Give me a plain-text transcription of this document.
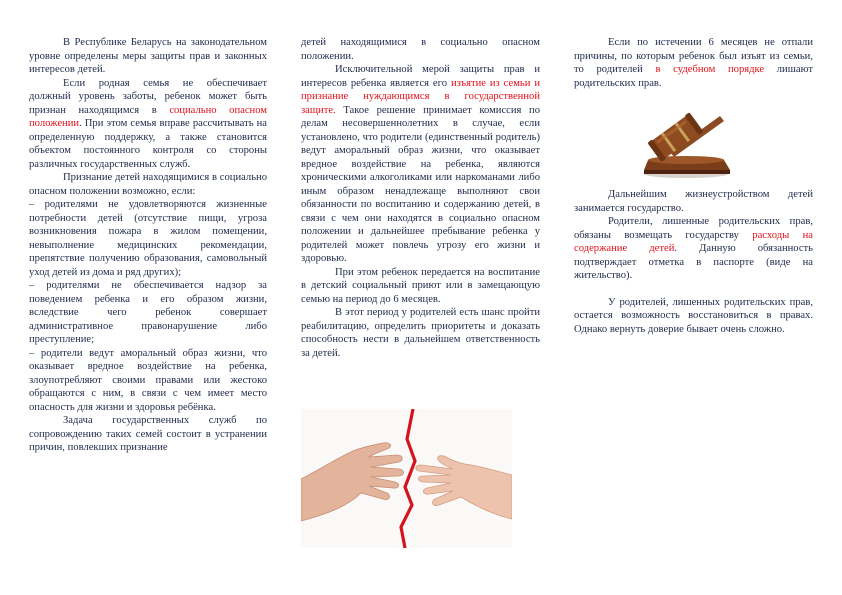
В Республике Беларусь на законодательном уровне определены меры защиты прав и законных интересов детей.

Если родная семья не обеспечивает должный уровень заботы, ребенок может быть признан находящимся в социально опасном положении. При этом семья вправе рассчитывать на определенную поддержку, а также становится объектом постоянного контроля со стороны различных государственных служб.

Признание детей находящимися в социально опасном положении возможно, если:

– родителями не удовлетворяются жизненные потребности детей (отсутствие пищи, угроза возникновения пожара в жилом помещении, невыполнение медицинских рекомендации, препятствие получению образования, самовольный уход детей из дома и ряд других);

– родителями не обеспечивается надзор за поведением ребенка и его образом жизни, вследствие чего ребенок совершает административное правонарушение либо преступление;

– родители ведут аморальный образ жизни, что оказывает вредное воздействие на ребенка, злоупотребляют своими правами или жестоко обращаются с ним, в связи с чем имеет место опасность для жизни и здоровья ребёнка.

Задача государственных служб по сопровождению таких семей состоит в устранении причин, повлекших признание

детей находящимися в социально опасном положении.

Исключительной мерой защиты прав и интересов ребенка является его изъятие из семьи и признание нуждающимся в государственной защите. Такое решение принимает комиссия по делам несовершеннолетних в случае, если установлено, что родители (единственный родитель) ведут аморальный образ жизни, что оказывает вредное воздействие на ребенка, являются хроническими алкоголиками или наркоманами либо иным образом ненадлежаще выполняют свои обязанности по воспитанию и содержанию детей, в связи с чем они находятся в социально опасном положении и дальнейшее пребывание ребенка у родителей может повлечь угрозу его жизни и здоровью.

При этом ребенок передается на воспитание в детский социальный приют или в замещающую семью на период до 6 месяцев.

В этот период у родителей есть шанс пройти реабилитацию, определить приоритеты и доказать способность нести в дальнейшем ответственность за детей.

Если по истечении 6 месяцев не отпали причины, по которым ребенок был изъят из семьи, то родителей в судебном порядке лишают родительских прав.

Дальнейшим жизнеустройством детей занимается государство.

Родители, лишенные родительских прав, обязаны возмещать государству расходы на содержание детей. Данную обязанность подтверждает отметка в паспорте (виде на жительство).

У родителей, лишенных родительских прав, остается возможность восстановиться в правах. Однако вернуть доверие бывает очень сложно.
